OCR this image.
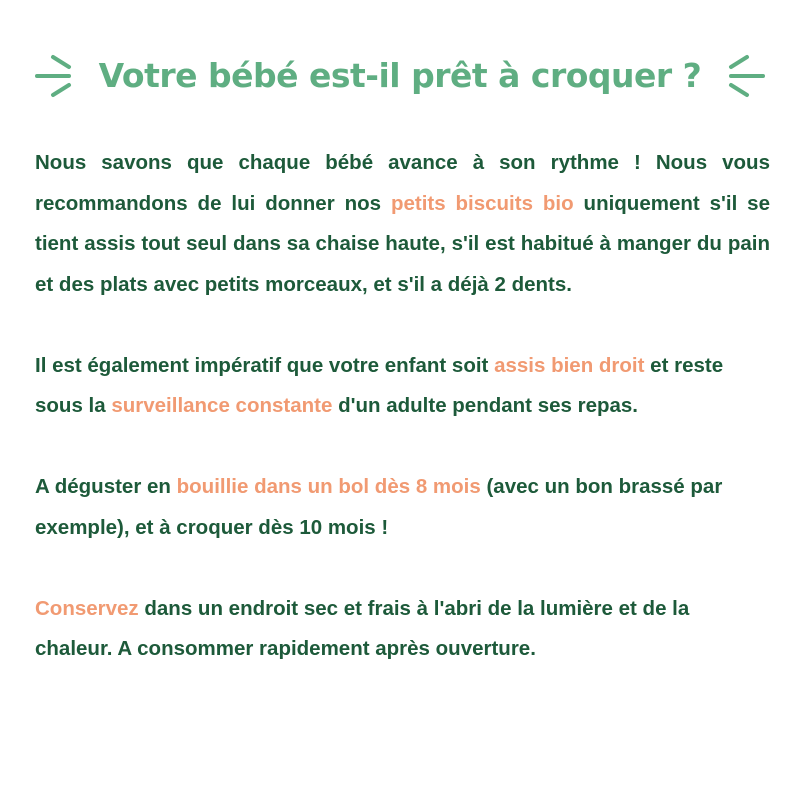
Votre bébé est-il prêt à croquer ?

Nous savons que chaque bébé avance à son rythme ! Nous vous recommandons de lui donner nos petits biscuits bio uniquement s'il se tient assis tout seul dans sa chaise haute, s'il est habitué à manger du pain et des plats avec petits morceaux, et s'il a déjà 2 dents.

Il est également impératif que votre enfant soit assis bien droit et reste sous la surveillance constante d'un adulte pendant ses repas.

A déguster en bouillie dans un bol dès 8 mois (avec un bon brassé par exemple), et à croquer dès 10 mois !

Conservez dans un endroit sec et frais à l'abri de la lumière et de la chaleur. A consommer rapidement après ouverture.
